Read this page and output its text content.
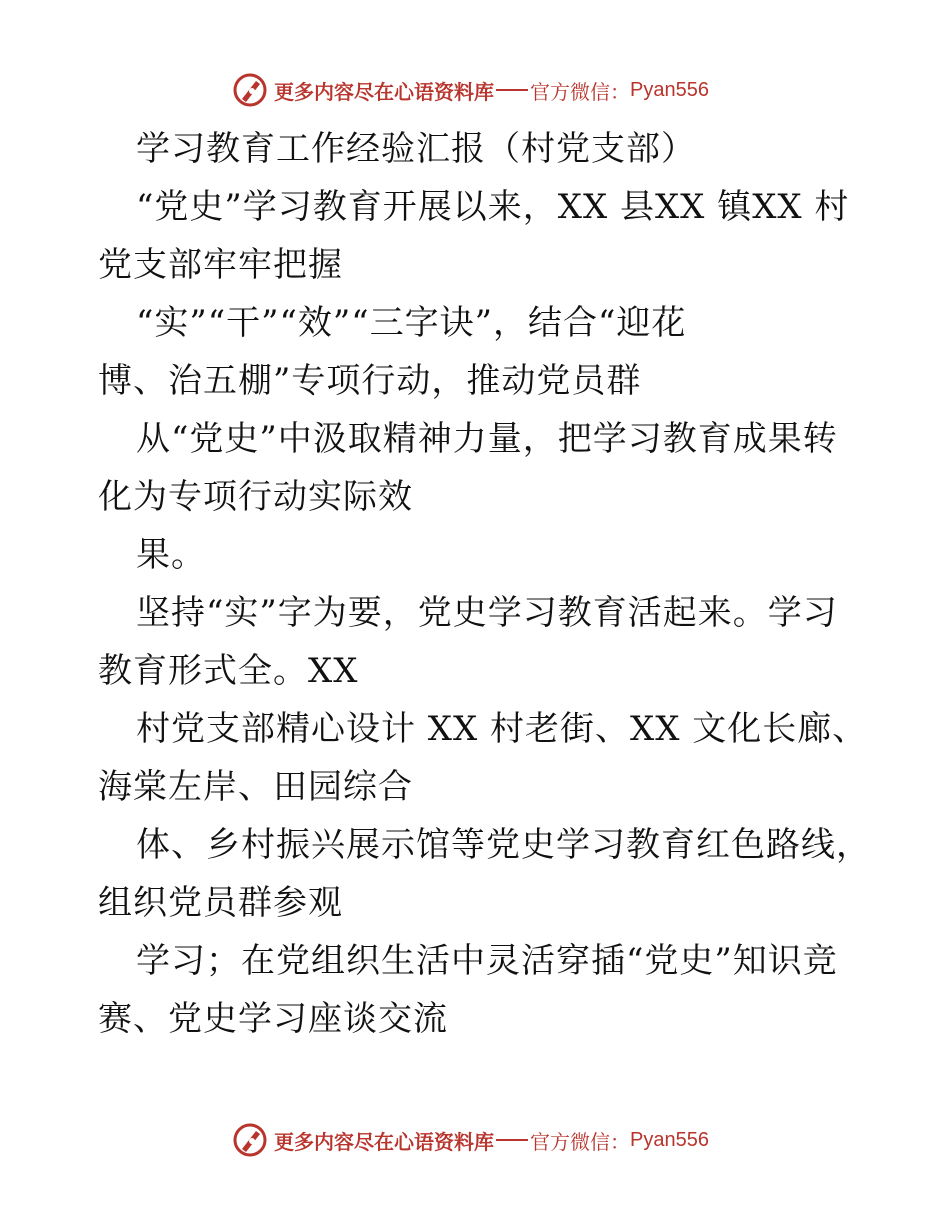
更多内容尽在心语资料库 官方微信： Pyan556
学习教育工作经验汇报（村党支部）
“党史”学习教育开展以来，XX 县XX 镇XX 村
党支部牢牢把握
“实”“干”“效”“三字诀”，结合“迎花
博、治五棚”专项行动，推动党员群
从“党史”中汲取精神力量，把学习教育成果转
化为专项行动实际效
果。
坚持“实”字为要，党史学习教育活起来。学习
教育形式全。XX
村党支部精心设计 XX 村老街、XX 文化长廊、
海棠左岸、田园综合
体、乡村振兴展示馆等党史学习教育红色路线，
组织党员群参观
学习；在党组织生活中灵活穿插“党史”知识竞
赛、党史学习座谈交流
更多内容尽在心语资料库 官方微信： Pyan556
